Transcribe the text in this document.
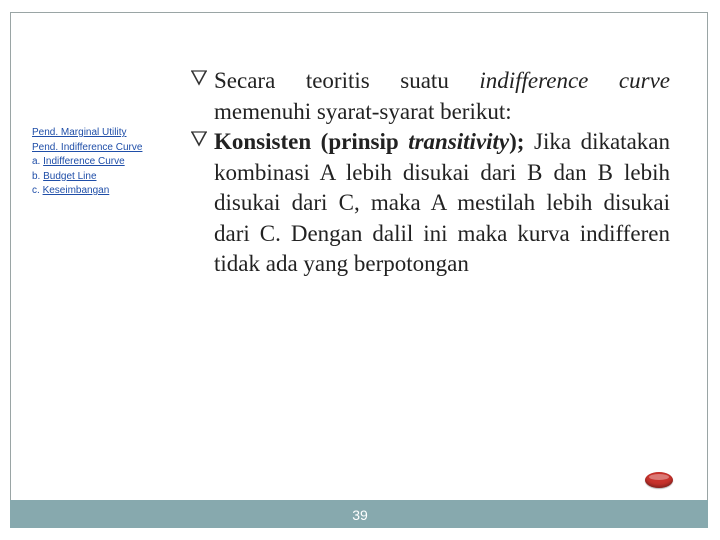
Pend. Marginal Utility
Pend. Indifference Curve
a. Indifference Curve
b. Budget Line
c. Keseimbangan

Secara teoritis suatu indifference curve memenuhi syarat-syarat berikut:

Konsisten (prinsip transitivity); Jika dikatakan kombinasi A lebih disukai dari B dan B lebih disukai dari C, maka A mestilah lebih disukai dari C. Dengan dalil ini maka kurva indifferen tidak ada yang berpotongan

39
